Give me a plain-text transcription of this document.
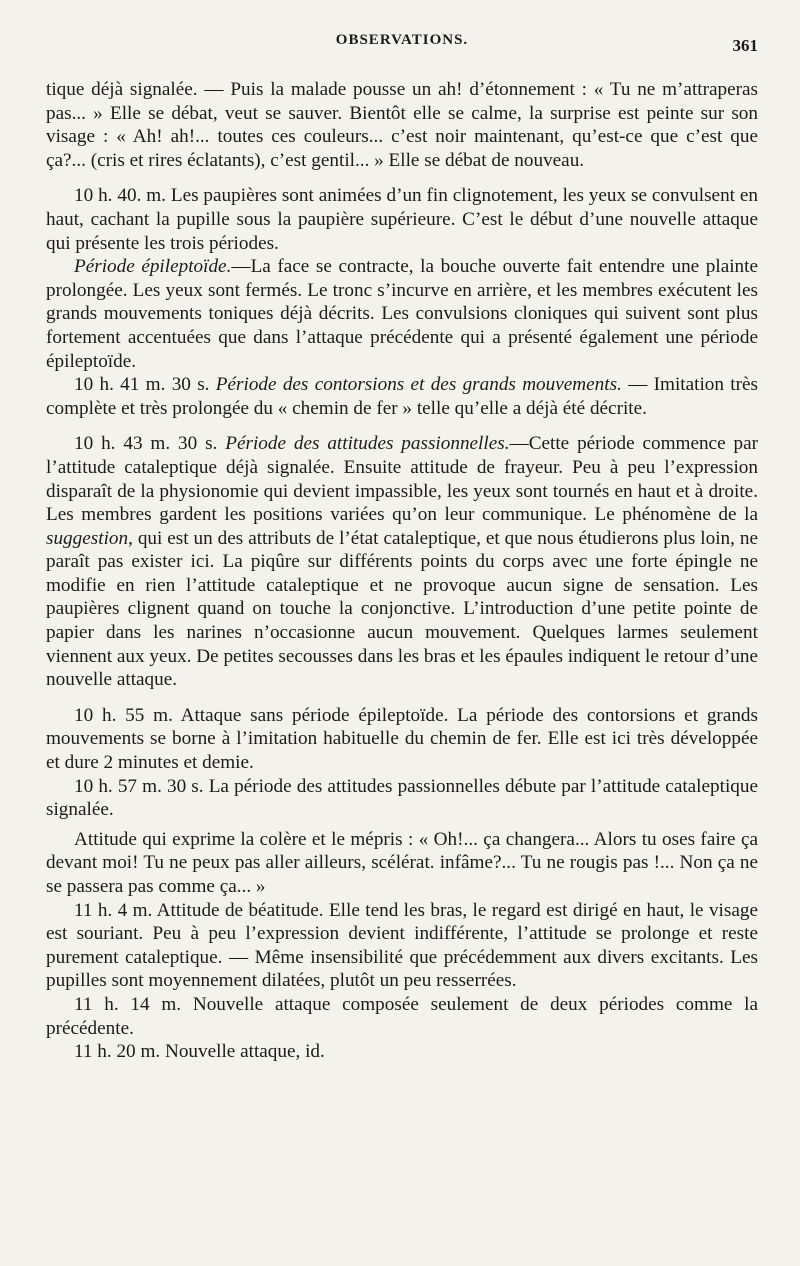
OBSERVATIONS.	361

tique déjà signalée. — Puis la malade pousse un ah! d’étonnement : « Tu ne m’attraperas pas... » Elle se débat, veut se sauver. Bientôt elle se calme, la surprise est peinte sur son visage : « Ah! ah!... toutes ces couleurs... c’est noir maintenant, qu’est-ce que c’est que ça?... (cris et rires éclatants), c’est gentil... » Elle se débat de nouveau.

10 h. 40. m. Les paupières sont animées d’un fin clignotement, les yeux se convulsent en haut, cachant la pupille sous la paupière supérieure. C’est le début d’une nouvelle attaque qui présente les trois périodes.

Période épileptoïde.—La face se contracte, la bouche ouverte fait entendre une plainte prolongée. Les yeux sont fermés. Le tronc s’incurve en arrière, et les membres exécutent les grands mouvements toniques déjà décrits. Les convulsions cloniques qui suivent sont plus fortement accentuées que dans l’attaque précédente qui a présenté également une période épileptoïde.

10 h. 41 m. 30 s. Période des contorsions et des grands mouvements. — Imitation très complète et très prolongée du « chemin de fer » telle qu’elle a déjà été décrite.

10 h. 43 m. 30 s. Période des attitudes passionnelles.—Cette période commence par l’attitude cataleptique déjà signalée. Ensuite attitude de frayeur. Peu à peu l’expression disparaît de la physionomie qui devient impassible, les yeux sont tournés en haut et à droite. Les membres gardent les positions variées qu’on leur communique. Le phénomène de la suggestion, qui est un des attributs de l’état cataleptique, et que nous étudierons plus loin, ne paraît pas exister ici. La piqûre sur différents points du corps avec une forte épingle ne modifie en rien l’attitude cataleptique et ne provoque aucun signe de sensation. Les paupières clignent quand on touche la conjonctive. L’introduction d’une petite pointe de papier dans les narines n’occasionne aucun mouvement. Quelques larmes seulement viennent aux yeux. De petites secousses dans les bras et les épaules indiquent le retour d’une nouvelle attaque.

10 h. 55 m. Attaque sans période épileptoïde. La période des contorsions et grands mouvements se borne à l’imitation habituelle du chemin de fer. Elle est ici très développée et dure 2 minutes et demie.

10 h. 57 m. 30 s. La période des attitudes passionnelles débute par l’attitude cataleptique signalée.

Attitude qui exprime la colère et le mépris : « Oh!... ça changera... Alors tu oses faire ça devant moi! Tu ne peux pas aller ailleurs, scélérat. infâme?... Tu ne rougis pas !... Non ça ne se passera pas comme ça... »

11 h. 4 m. Attitude de béatitude. Elle tend les bras, le regard est dirigé en haut, le visage est souriant. Peu à peu l’expression devient indifférente, l’attitude se prolonge et reste purement cataleptique. — Même insensibilité que précédemment aux divers excitants. Les pupilles sont moyennement dilatées, plutôt un peu resserrées.

11 h. 14 m. Nouvelle attaque composée seulement de deux périodes comme la précédente.

11 h. 20 m. Nouvelle attaque, id.
